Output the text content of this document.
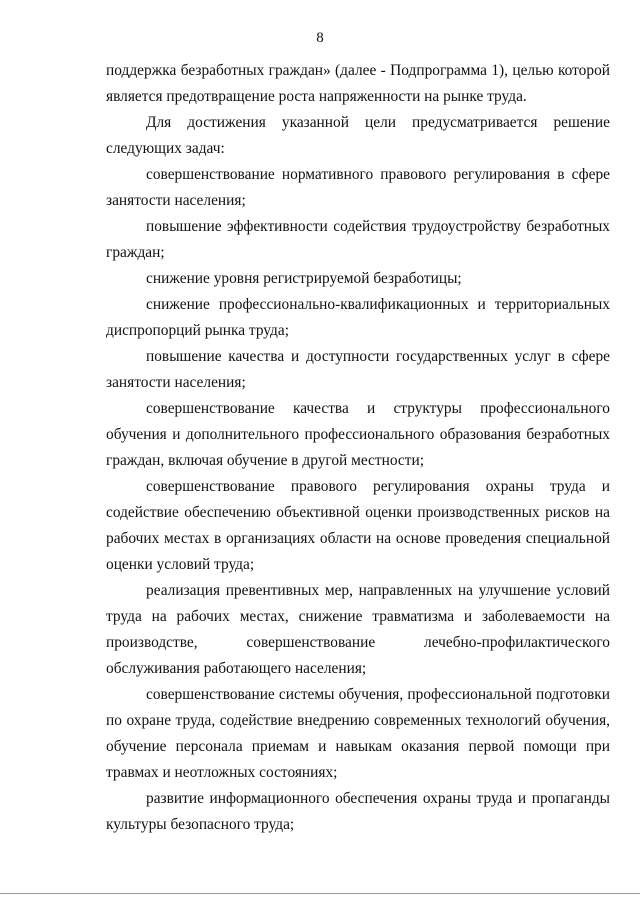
8

поддержка безработных граждан» (далее - Подпрограмма 1), целью которой является предотвращение роста напряженности на рынке труда.

Для достижения указанной цели предусматривается решение следующих задач:

совершенствование нормативного правового регулирования в сфере занятости населения;

повышение эффективности содействия трудоустройству безработных граждан;

снижение уровня регистрируемой безработицы;

снижение профессионально-квалификационных и территориальных диспропорций рынка труда;

повышение качества и доступности государственных услуг в сфере занятости населения;

совершенствование качества и структуры профессионального обучения и дополнительного профессионального образования безработных граждан, включая обучение в другой местности;

совершенствование правового регулирования охраны труда и содействие обеспечению объективной оценки производственных рисков на рабочих местах в организациях области на основе проведения специальной оценки условий труда;

реализация превентивных мер, направленных на улучшение условий труда на рабочих местах, снижение травматизма и заболеваемости на производстве, совершенствование лечебно-профилактического обслуживания работающего населения;

совершенствование системы обучения, профессиональной подготовки по охране труда, содействие внедрению современных технологий обучения, обучение персонала приемам и навыкам оказания первой помощи при травмах и неотложных состояниях;

развитие информационного обеспечения охраны труда и пропаганды культуры безопасного труда;
